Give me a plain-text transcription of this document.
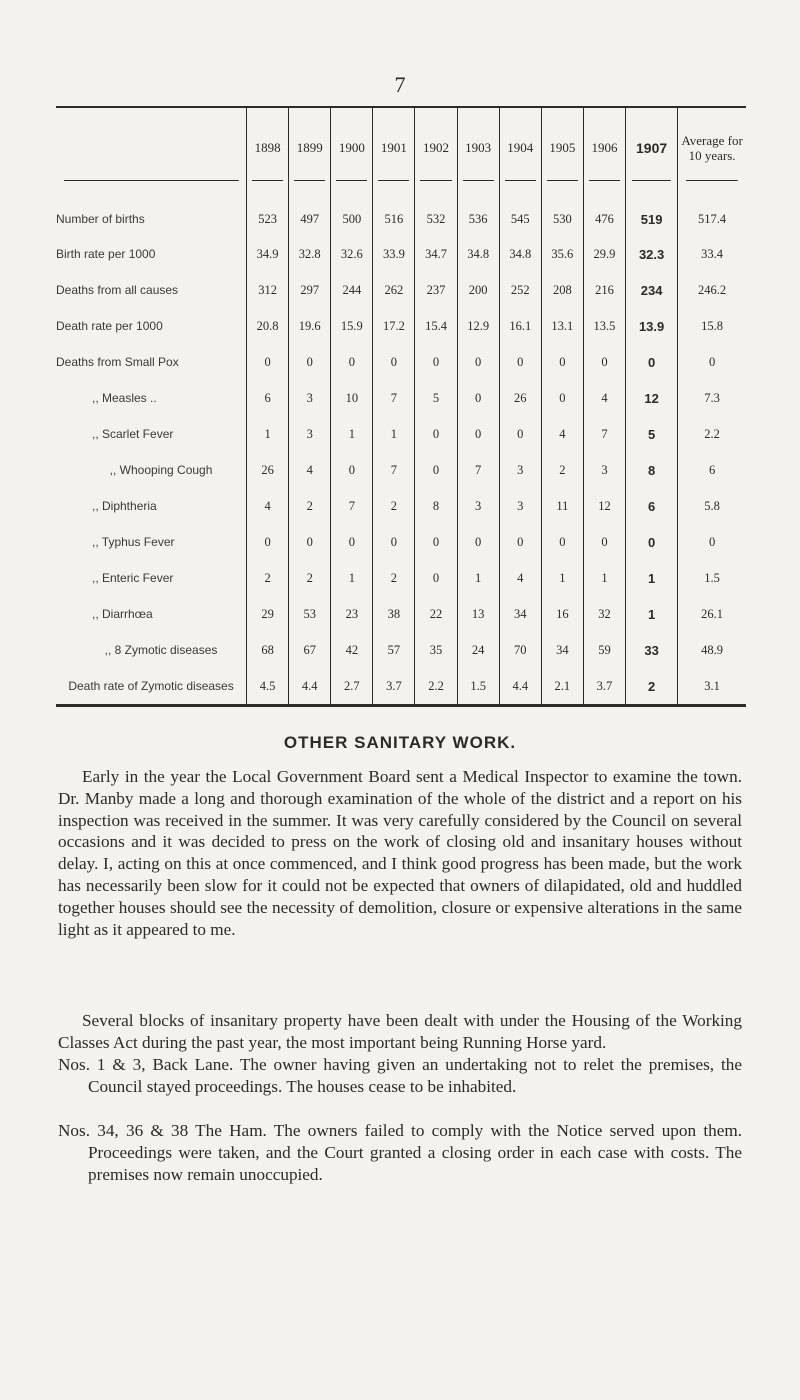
7
	1898	1899	1900	1901	1902	1903	1904	1905	1906	1907	Average for 10 years.
Number of births	523	497	500	516	532	536	545	530	476	519	517.4
Birth rate per 1000	34.9	32.8	32.6	33.9	34.7	34.8	34.8	35.6	29.9	32.3	33.4
Deaths from all causes	312	297	244	262	237	200	252	208	216	234	246.2
Death rate per 1000	20.8	19.6	15.9	17.2	15.4	12.9	16.1	13.1	13.5	13.9	15.8
Deaths from Small Pox	0	0	0	0	0	0	0	0	0	0	0
,, Measles ..	6	3	10	7	5	0	26	0	4	12	7.3
,, Scarlet Fever	1	3	1	1	0	0	0	4	7	5	2.2
,, Whooping Cough	26	4	0	7	0	7	3	2	3	8	6
,, Diphtheria	4	2	7	2	8	3	3	11	12	6	5.8
,, Typhus Fever	0	0	0	0	0	0	0	0	0	0	0
,, Enteric Fever	2	2	1	2	0	1	4	1	1	1	1.5
,, Diarrhœa	29	53	23	38	22	13	34	16	32	1	26.1
,, 8 Zymotic diseases	68	67	42	57	35	24	70	34	59	33	48.9
Death rate of Zymotic diseases	4.5	4.4	2.7	3.7	2.2	1.5	4.4	2.1	3.7	2	3.1
OTHER SANITARY WORK.

Early in the year the Local Government Board sent a Medical Inspector to examine the town. Dr. Manby made a long and thorough examination of the whole of the district and a report on his inspection was received in the summer. It was very carefully considered by the Council on several occasions and it was decided to press on the work of closing old and insanitary houses without delay. I, acting on this at once commenced, and I think good progress has been made, but the work has necessarily been slow for it could not be expected that owners of dilapidated, old and huddled together houses should see the necessity of demolition, closure or expensive alterations in the same light as it appeared to me.

Several blocks of insanitary property have been dealt with under the Housing of the Working Classes Act during the past year, the most important being Running Horse yard.

Nos. 1 & 3, Back Lane. The owner having given an undertaking not to relet the premises, the Council stayed proceedings. The houses cease to be inhabited.

Nos. 34, 36 & 38 The Ham. The owners failed to comply with the Notice served upon them. Proceedings were taken, and the Court granted a closing order in each case with costs. The premises now remain unoccupied.
